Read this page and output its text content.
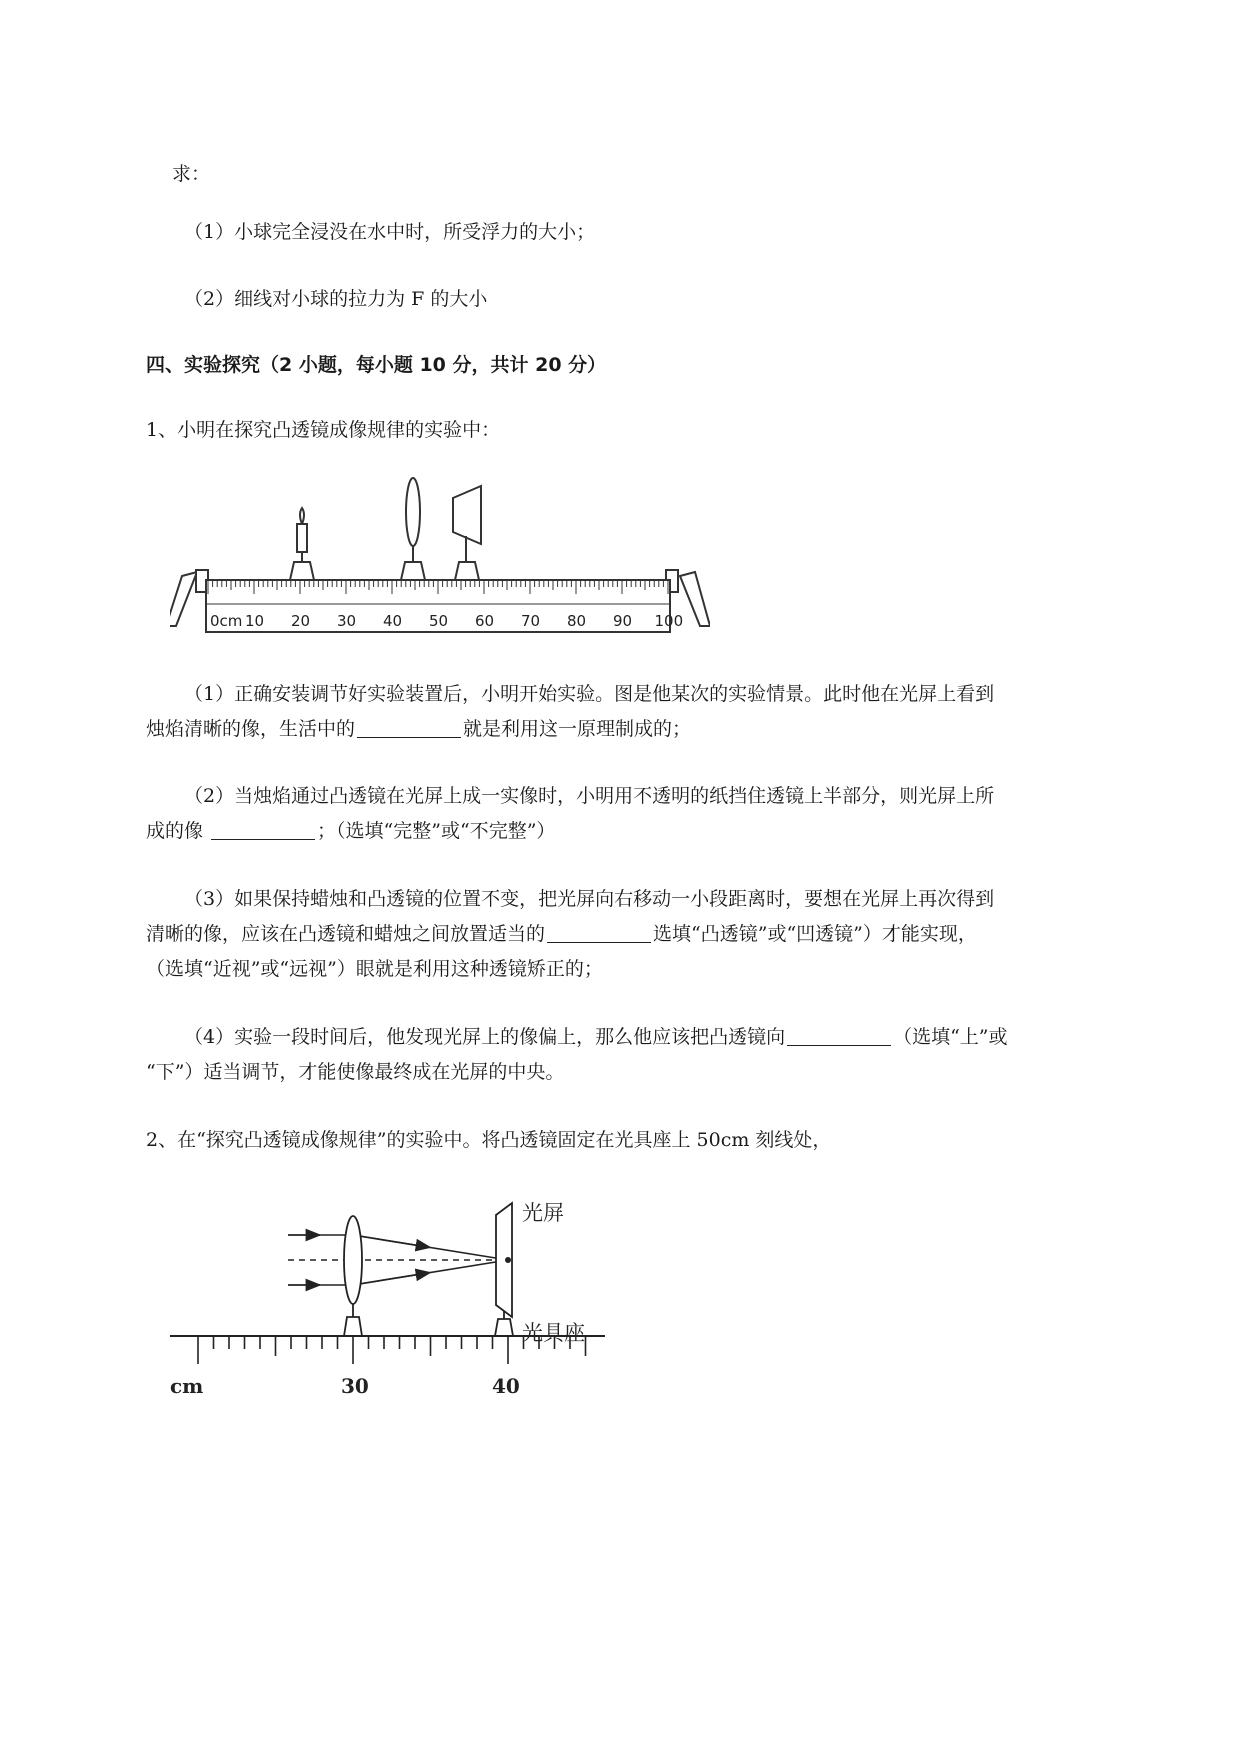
求：
（1）小球完全浸没在水中时，所受浮力的大小；
（2）细线对小球的拉力为 F 的大小
四、实验探究（2 小题，每小题 10 分，共计 20 分）
1、小明在探究凸透镜成像规律的实验中：
0cm 10 20 30 40 50 60 70 80 90 100
（1）正确安装调节好实验装置后，小明开始实验。图是他某次的实验情景。此时他在光屏上看到
烛焰清晰的像，生活中的	就是利用这一原理制成的；
（2）当烛焰通过凸透镜在光屏上成一实像时，小明用不透明的纸挡住透镜上半部分，则光屏上所
成的像	；（选填“完整”或“不完整”）
（3）如果保持蜡烛和凸透镜的位置不变，把光屏向右移动一小段距离时，要想在光屏上再次得到
清晰的像，应该在凸透镜和蜡烛之间放置适当的	选填“凸透镜”或“凹透镜”）才能实现，
（选填“近视”或“远视”）眼就是利用这种透镜矫正的；
（4）实验一段时间后，他发现光屏上的像偏上，那么他应该把凸透镜向	（选填“上”或
“下”）适当调节，才能使像最终成在光屏的中央。
2、在“探究凸透镜成像规律”的实验中。将凸透镜固定在光具座上 50cm 刻线处，
光屏
光具座
cm	30	40
